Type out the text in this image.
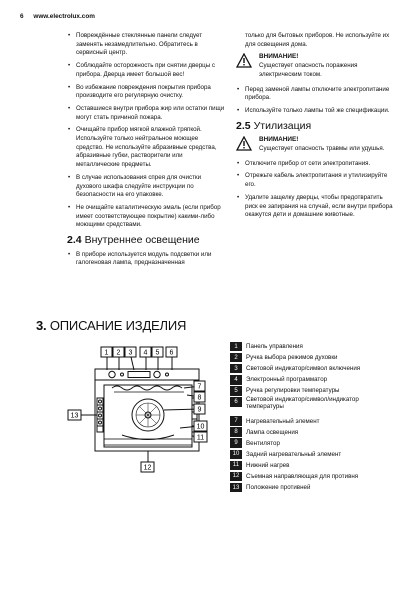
6 www.electrolux.com
• Повреждённые стеклянные панели следует заменять незамедлительно. Обратитесь в сервисный центр.
• Соблюдайте осторожность при снятии дверцы с прибора. Дверца имеет большой вес!
• Во избежание повреждения покрытия прибора производите его регулярную очистку.
• Оставшиеся внутри прибора жир или остатки пищи могут стать причиной пожара.
• Очищайте прибор мягкой влажной тряпкой. Используйте только нейтральное моющее средство. Не используйте абразивные средства, абразивные губки, растворители или металлические предметы.
• В случае использования спрея для очистки духового шкафа следуйте инструкции по безопасности на его упаковке.
• Не очищайте каталитическую эмаль (если прибор имеет соответствующее покрытие) какими-либо моющими средствами.
2.4 Внутреннее освещение
• В приборе используется модуль подсветки или галогеновая лампа, предназначенная
только для бытовых приборов. Не используйте их для освещения дома.
ВНИМАНИЕ!
Существует опасность поражения электрическим током.
• Перед заменой лампы отключите электропитание прибора.
• Используйте только лампы той же спецификации.
2.5 Утилизация
ВНИМАНИЕ!
Существует опасность травмы или удушья.
• Отключите прибор от сети электропитания.
• Отрежьте кабель электропитания и утилизируйте его.
• Удалите защелку дверцы, чтобы предотвратить риск ее запирания на случай, если внутри прибора окажутся дети и домашние животные.
3. ОПИСАНИЕ ИЗДЕЛИЯ
1 2 3 4 5 6
7
8
9
10
11
12
13
1	Панель управления
2	Ручка выбора режимов духовки
3	Световой индикатор/символ включения
4	Электронный программатор
5	Ручка регулировки температуры
6	Световой индикатор/символ/индикатор температуры
7	Нагревательный элемент
8	Лампа освещения
9	Вентилятор
10	Задний нагревательный элемент
11	Нижний нагрев
12	Съемная направляющая для противня
13	Положение противней
